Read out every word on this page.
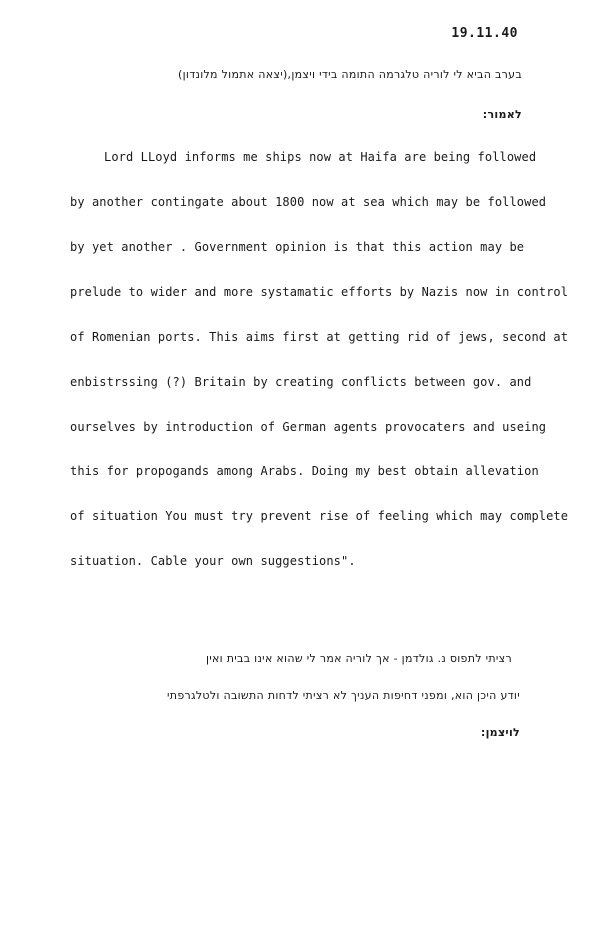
19.11.40
בערב הביא לי לוריה טלגרמה התומה בידי ויצמן,(יצאה אתמול מלונדון)
לאמור:
Lord LLoyd informs me ships now at Haifa are being followed
by another contingate about 1800 now at sea which may be followed
by yet another . Government opinion is that this action may be
prelude to wider and more systamatic efforts by Nazis now in control
of Romenian ports. This aims first at getting rid of jews, second at
enbistrssing (?) Britain by creating conflicts between gov. and
ourselves by introduction of German agents provocaters and useing
this for propogands among Arabs. Doing my best obtain allevation
of situation You must try prevent rise of feeling which may complete
situation. Cable your own suggestions".
רציתי לתפוס נ. גולדמן - אך לוריה אמר לי שהוא אינו בבית ואין
יודע היכן הוא, ומפני דחיפות העניך לא רציתי לדחות התשובה ולטלגרפתי
לויצמן:
